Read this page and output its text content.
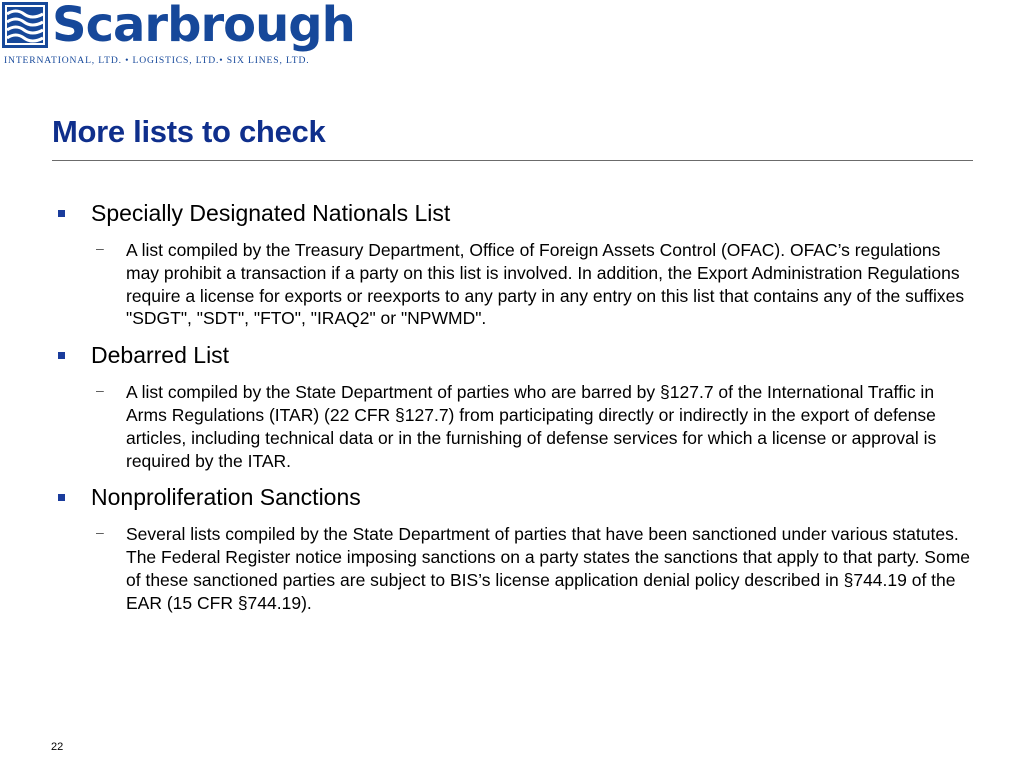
Scarbrough
INTERNATIONAL, LTD. • LOGISTICS, LTD.• SIX LINES, LTD.
More lists to check
Specially Designated Nationals List
– A list compiled by the Treasury Department, Office of Foreign Assets Control (OFAC). OFAC’s regulations may prohibit a transaction if a party on this list is involved. In addition, the Export Administration Regulations require a license for exports or reexports to any party in any entry on this list that contains any of the suffixes "SDGT", "SDT", "FTO", "IRAQ2" or "NPWMD".
Debarred List
– A list compiled by the State Department of parties who are barred by §127.7 of the International Traffic in Arms Regulations (ITAR) (22 CFR §127.7) from participating directly or indirectly in the export of defense articles, including technical data or in the furnishing of defense services for which a license or approval is required by the ITAR.
Nonproliferation Sanctions
– Several lists compiled by the State Department of parties that have been sanctioned under various statutes. The Federal Register notice imposing sanctions on a party states the sanctions that apply to that party. Some of these sanctioned parties are subject to BIS’s license application denial policy described in §744.19 of the EAR (15 CFR §744.19).
22
